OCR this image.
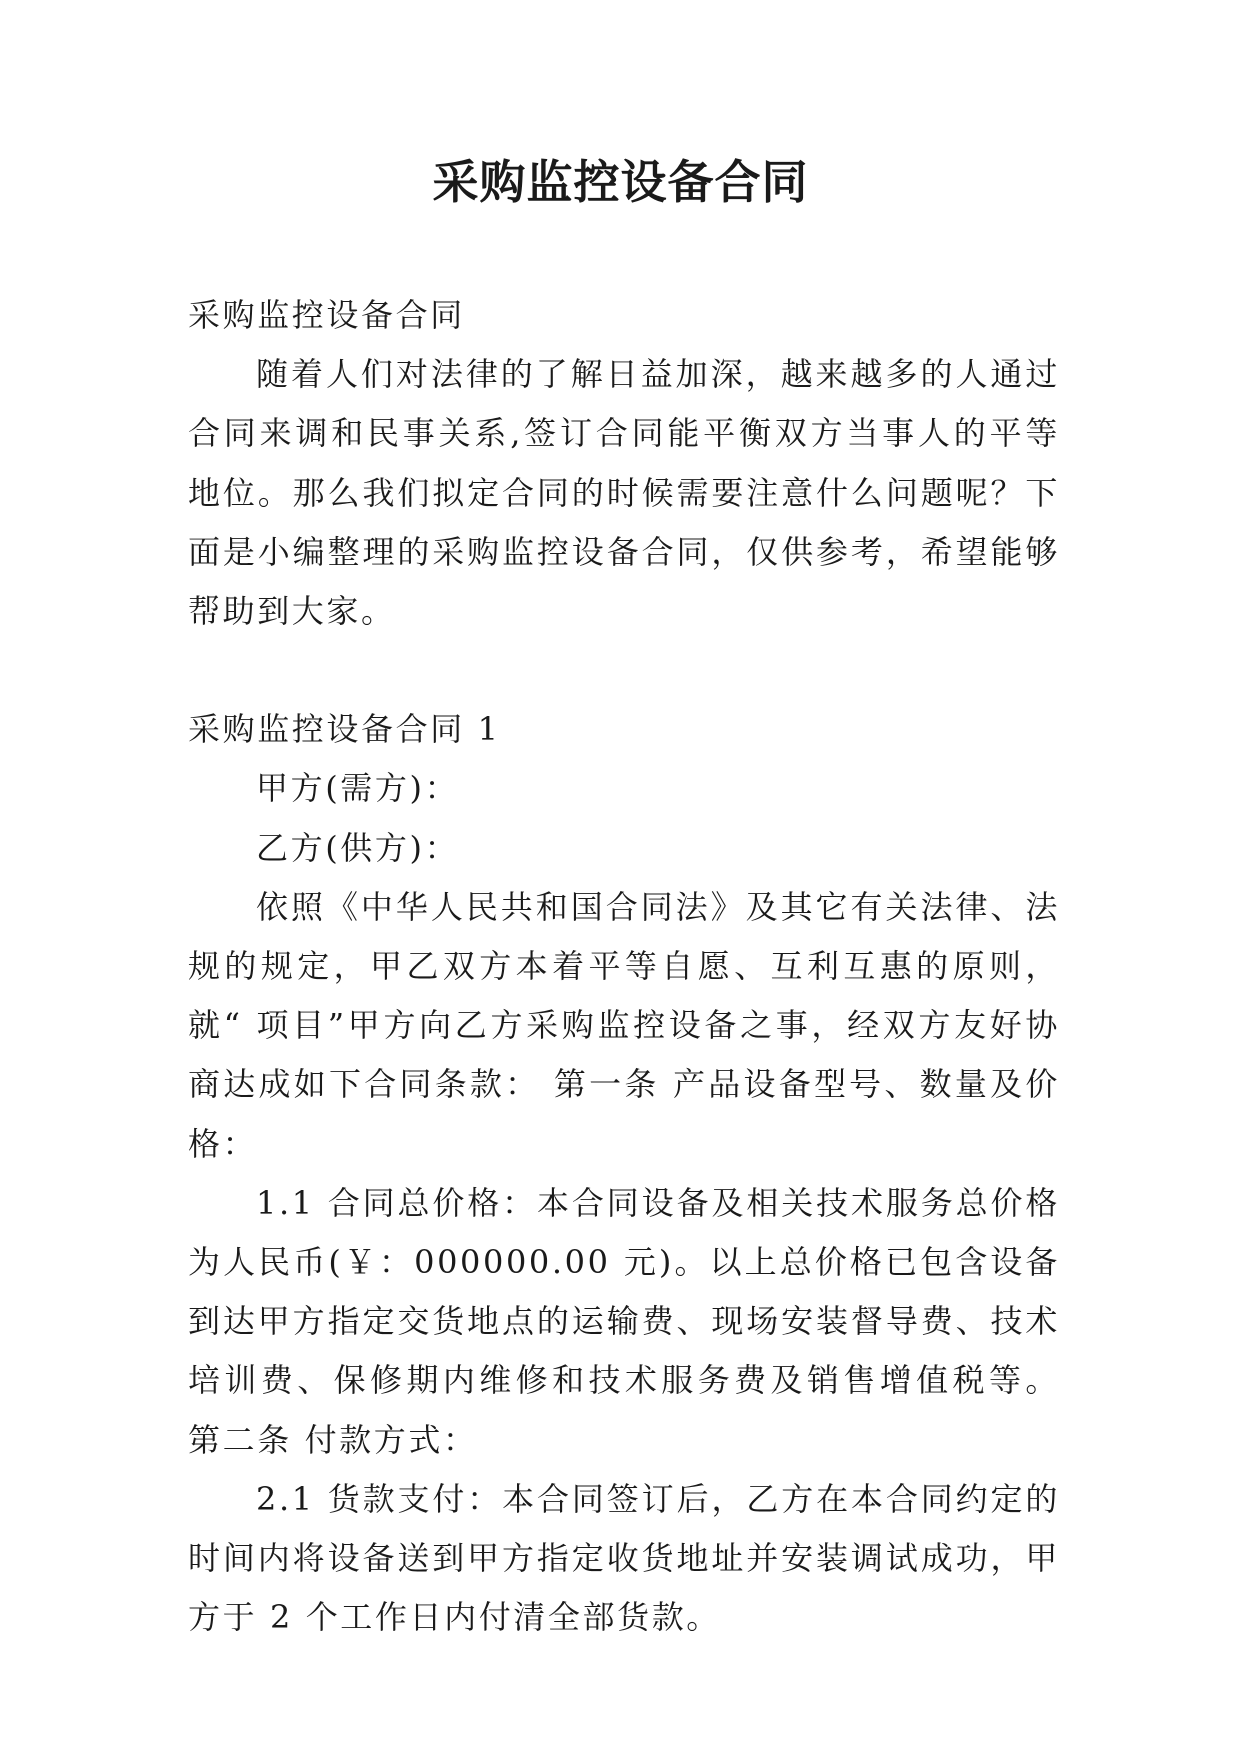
采购监控设备合同

采购监控设备合同

随着人们对法律的了解日益加深，越来越多的人通过合同来调和民事关系,签订合同能平衡双方当事人的平等地位。那么我们拟定合同的时候需要注意什么问题呢？下面是小编整理的采购监控设备合同，仅供参考，希望能够帮助到大家。

采购监控设备合同 1

甲方(需方)：

乙方(供方)：

依照《中华人民共和国合同法》及其它有关法律、法规的规定，甲乙双方本着平等自愿、互利互惠的原则，就“ 项目”甲方向乙方采购监控设备之事，经双方友好协商达成如下合同条款： 第一条 产品设备型号、数量及价格：

1.1 合同总价格：本合同设备及相关技术服务总价格为人民币(￥：000000.00 元)。以上总价格已包含设备到达甲方指定交货地点的运输费、现场安装督导费、技术培训费、保修期内维修和技术服务费及销售增值税等。 第二条 付款方式：

2.1 货款支付：本合同签订后，乙方在本合同约定的时间内将设备送到甲方指定收货地址并安装调试成功，甲方于 2 个工作日内付清全部货款。
